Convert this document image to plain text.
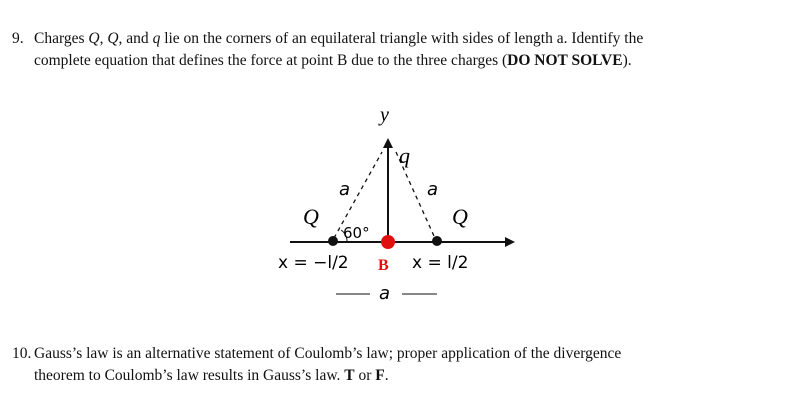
9. Charges Q, Q, and q lie on the corners of an equilateral triangle with sides of length a. Identify the
complete equation that defines the force at point B due to the three charges (DO NOT SOLVE).
y
q
a	a
Q	Q
60°
x = −l/2 B x = l/2
a
10. Gauss’s law is an alternative statement of Coulomb’s law; proper application of the divergence
theorem to Coulomb’s law results in Gauss’s law. T or F.
